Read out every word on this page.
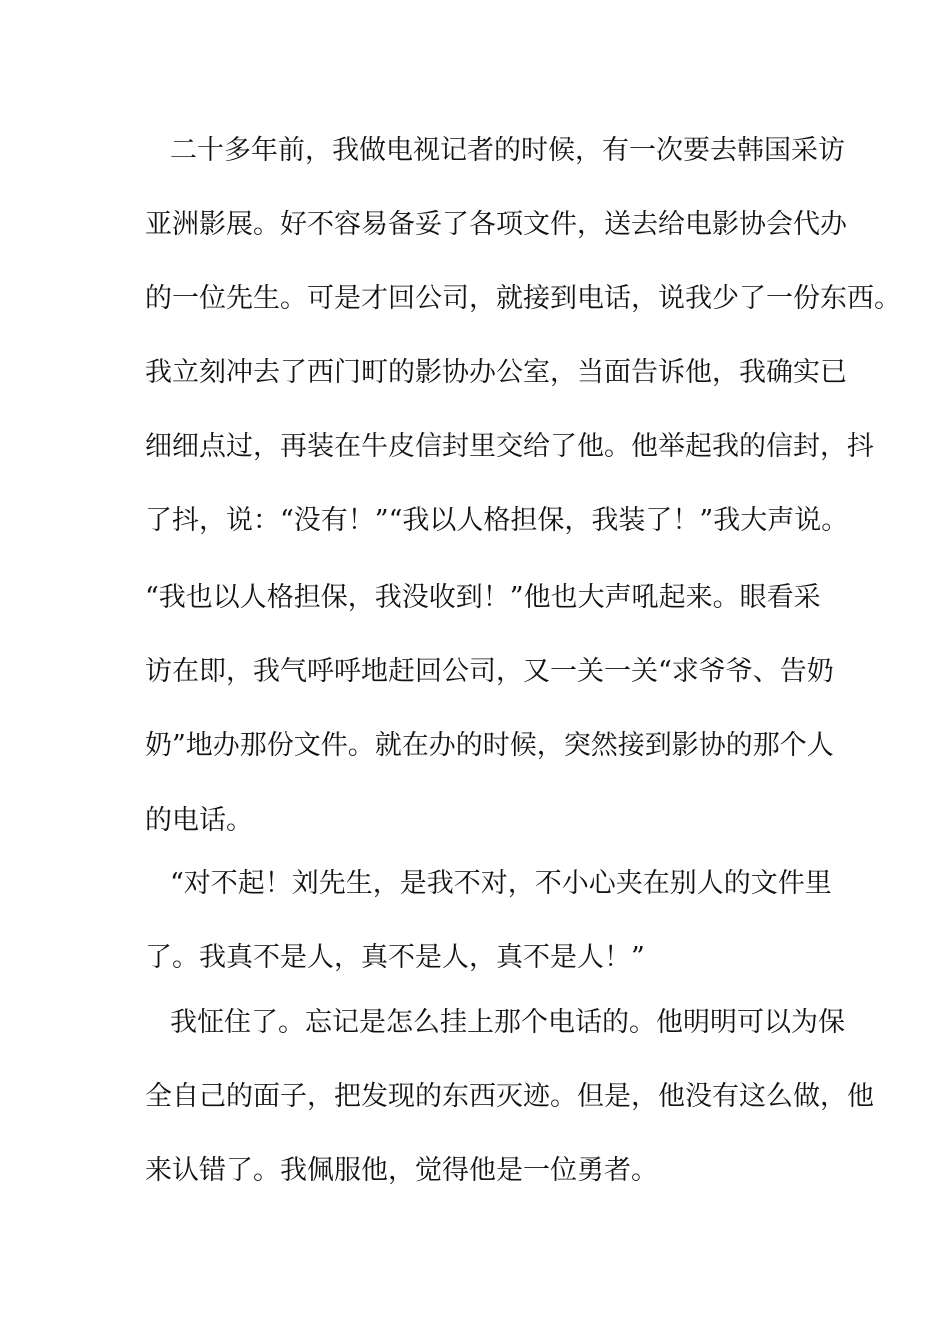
二十多年前，我做电视记者的时候，有一次要去韩国采访
亚洲影展。好不容易备妥了各项文件，送去给电影协会代办
的一位先生。可是才回公司，就接到电话，说我少了一份东西。
我立刻冲去了西门町的影协办公室，当面告诉他，我确实已
细细点过，再装在牛皮信封里交给了他。他举起我的信封，抖
了抖，说：“没有！”“我以人格担保，我装了！”我大声说。
“我也以人格担保，我没收到！”他也大声吼起来。眼看采
访在即，我气呼呼地赶回公司，又一关一关“求爷爷、告奶
奶”地办那份文件。就在办的时候，突然接到影协的那个人
的电话。
“对不起！刘先生，是我不对，不小心夹在别人的文件里
了。我真不是人，真不是人，真不是人！”
我怔住了。忘记是怎么挂上那个电话的。他明明可以为保
全自己的面子，把发现的东西灭迹。但是，他没有这么做，他
来认错了。我佩服他，觉得他是一位勇者。
